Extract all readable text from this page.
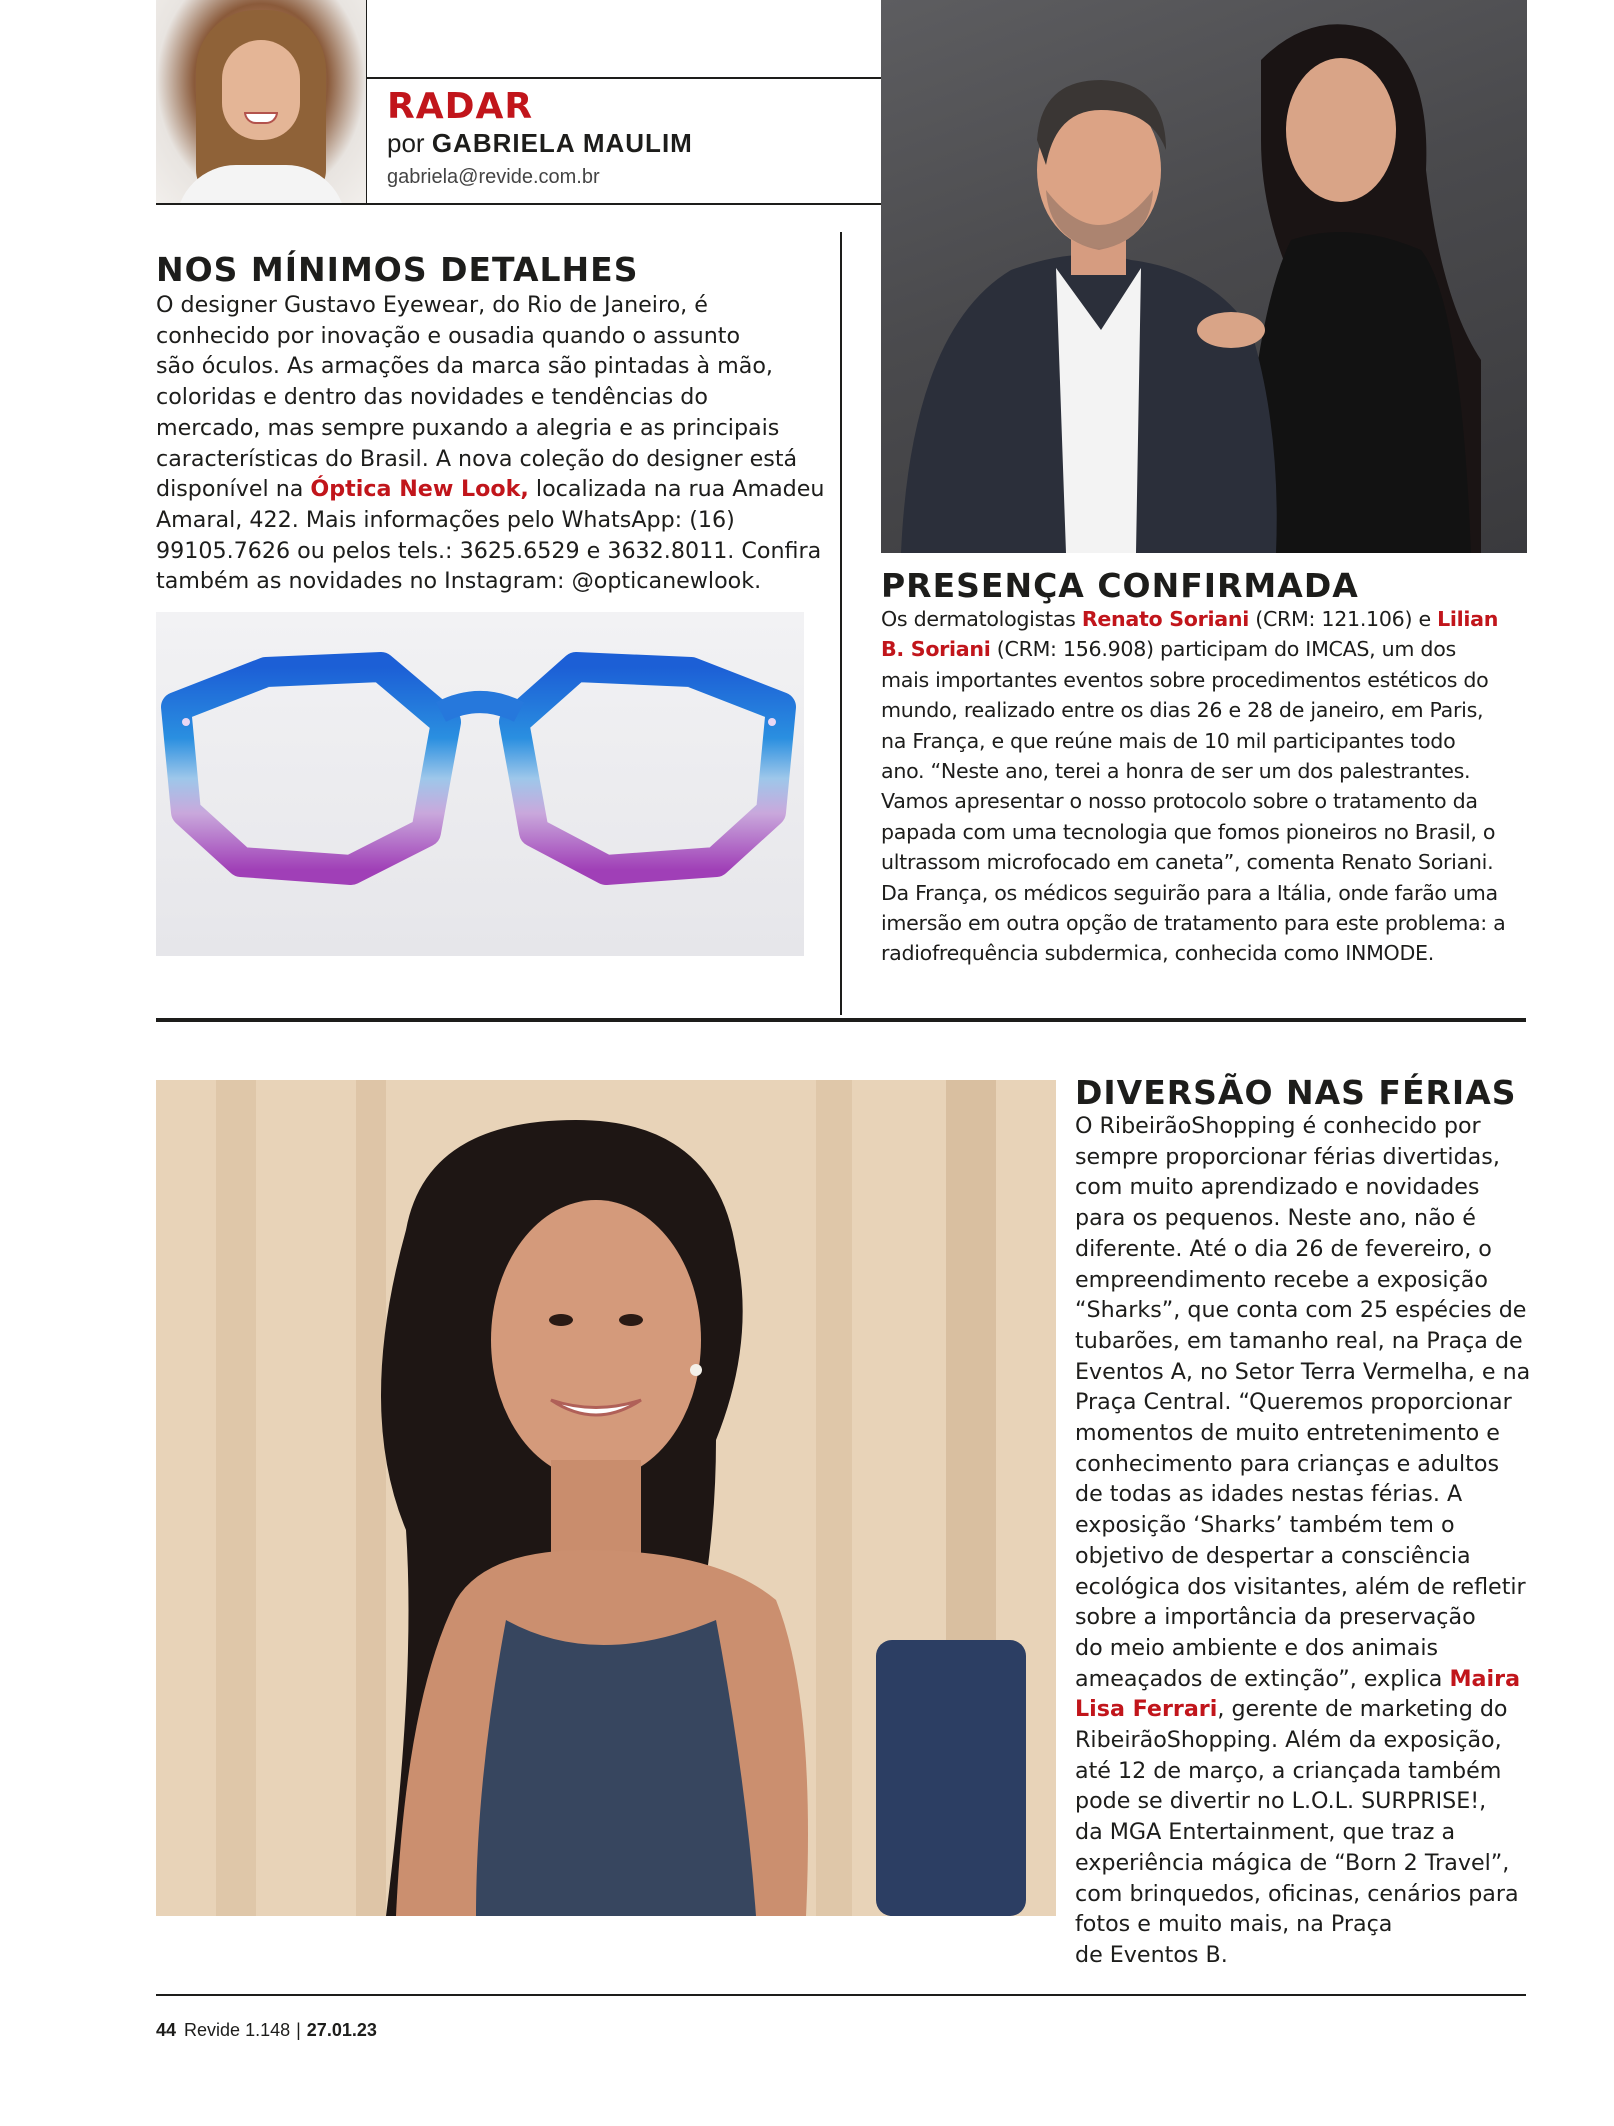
RADAR
por GABRIELA MAULIM
gabriela@revide.com.br
NOS MÍNIMOS DETALHES
O designer Gustavo Eyewear, do Rio de Janeiro, é
conhecido por inovação e ousadia quando o assunto
são óculos. As armações da marca são pintadas à mão,
coloridas e dentro das novidades e tendências do
mercado, mas sempre puxando a alegria e as principais
características do Brasil. A nova coleção do designer está
disponível na Óptica New Look, localizada na rua Amadeu
Amaral, 422. Mais informações pelo WhatsApp: (16)
99105.7626 ou pelos tels.: 3625.6529 e 3632.8011. Confira
também as novidades no Instagram: @opticanewlook.	PRESENÇA CONFIRMADA
Os dermatologistas Renato Soriani (CRM: 121.106) e Lilian
B. Soriani (CRM: 156.908) participam do IMCAS, um dos
mais importantes eventos sobre procedimentos estéticos do
mundo, realizado entre os dias 26 e 28 de janeiro, em Paris,
na França, e que reúne mais de 10 mil participantes todo
ano. “Neste ano, terei a honra de ser um dos palestrantes.
Vamos apresentar o nosso protocolo sobre o tratamento da
papada com uma tecnologia que fomos pioneiros no Brasil, o
ultrassom microfocado em caneta”, comenta Renato Soriani.
Da França, os médicos seguirão para a Itália, onde farão uma
imersão em outra opção de tratamento para este problema: a
radiofrequência subdermica, conhecida como INMODE.
DIVERSÃO NAS FÉRIAS
O RibeirãoShopping é conhecido por
sempre proporcionar férias divertidas,
com muito aprendizado e novidades
para os pequenos. Neste ano, não é
diferente. Até o dia 26 de fevereiro, o
empreendimento recebe a exposição
“Sharks”, que conta com 25 espécies de
tubarões, em tamanho real, na Praça de
Eventos A, no Setor Terra Vermelha, e na
Praça Central. “Queremos proporcionar
momentos de muito entretenimento e
conhecimento para crianças e adultos
de todas as idades nestas férias. A
exposição ‘Sharks’ também tem o
objetivo de despertar a consciência
ecológica dos visitantes, além de refletir
sobre a importância da preservação
do meio ambiente e dos animais
ameaçados de extinção”, explica Maira
Lisa Ferrari, gerente de marketing do
RibeirãoShopping. Além da exposição,
até 12 de março, a criançada também
pode se divertir no L.O.L. SURPRISE!,
da MGA Entertainment, que traz a
experiência mágica de “Born 2 Travel”,
com brinquedos, oficinas, cenários para
fotos e muito mais, na Praça
de Eventos B.
44 Revide 1.148 | 27.01.23
